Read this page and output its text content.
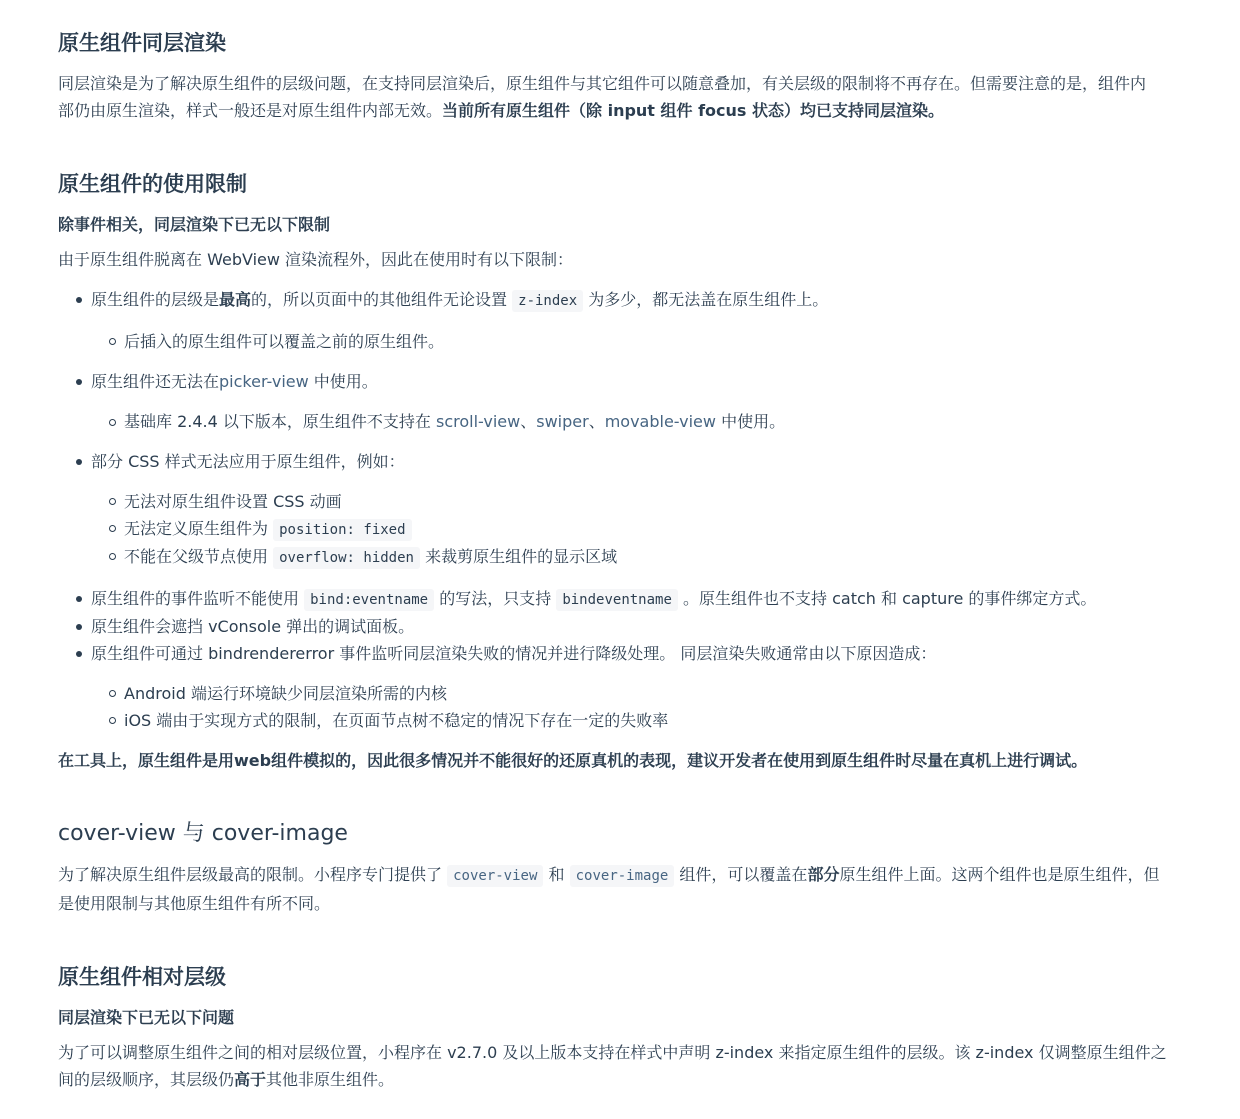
原生组件同层渲染
同层渲染是为了解决原生组件的层级问题，在支持同层渲染后，原生组件与其它组件可以随意叠加，有关层级的限制将不再存在。但需要注意的是，组件内
部仍由原生渲染，样式一般还是对原生组件内部无效。当前所有原生组件（除 input 组件 focus 状态）均已支持同层渲染。
原生组件的使用限制
除事件相关，同层渲染下已无以下限制
由于原生组件脱离在 WebView 渲染流程外，因此在使用时有以下限制：
原生组件的层级是最高的，所以页面中的其他组件无论设置 z-index 为多少，都无法盖在原生组件上。
后插入的原生组件可以覆盖之前的原生组件。
原生组件还无法在picker-view 中使用。
基础库 2.4.4 以下版本，原生组件不支持在 scroll-view、swiper、movable-view 中使用。
部分 CSS 样式无法应用于原生组件，例如：
无法对原生组件设置 CSS 动画
无法定义原生组件为 position: fixed
不能在父级节点使用 overflow: hidden 来裁剪原生组件的显示区域
原生组件的事件监听不能使用 bind:eventname 的写法，只支持 bindeventname 。原生组件也不支持 catch 和 capture 的事件绑定方式。
原生组件会遮挡 vConsole 弹出的调试面板。
原生组件可通过 bindrendererror 事件监听同层渲染失败的情况并进行降级处理。 同层渲染失败通常由以下原因造成：
Android 端运行环境缺少同层渲染所需的内核
iOS 端由于实现方式的限制，在页面节点树不稳定的情况下存在一定的失败率
在工具上，原生组件是用web组件模拟的，因此很多情况并不能很好的还原真机的表现，建议开发者在使用到原生组件时尽量在真机上进行调试。
cover-view 与 cover-image
为了解决原生组件层级最高的限制。小程序专门提供了 cover-view 和 cover-image 组件，可以覆盖在部分原生组件上面。这两个组件也是原生组件，但
是使用限制与其他原生组件有所不同。
原生组件相对层级
同层渲染下已无以下问题
为了可以调整原生组件之间的相对层级位置，小程序在 v2.7.0 及以上版本支持在样式中声明 z-index 来指定原生组件的层级。该 z-index 仅调整原生组件之
间的层级顺序，其层级仍高于其他非原生组件。
